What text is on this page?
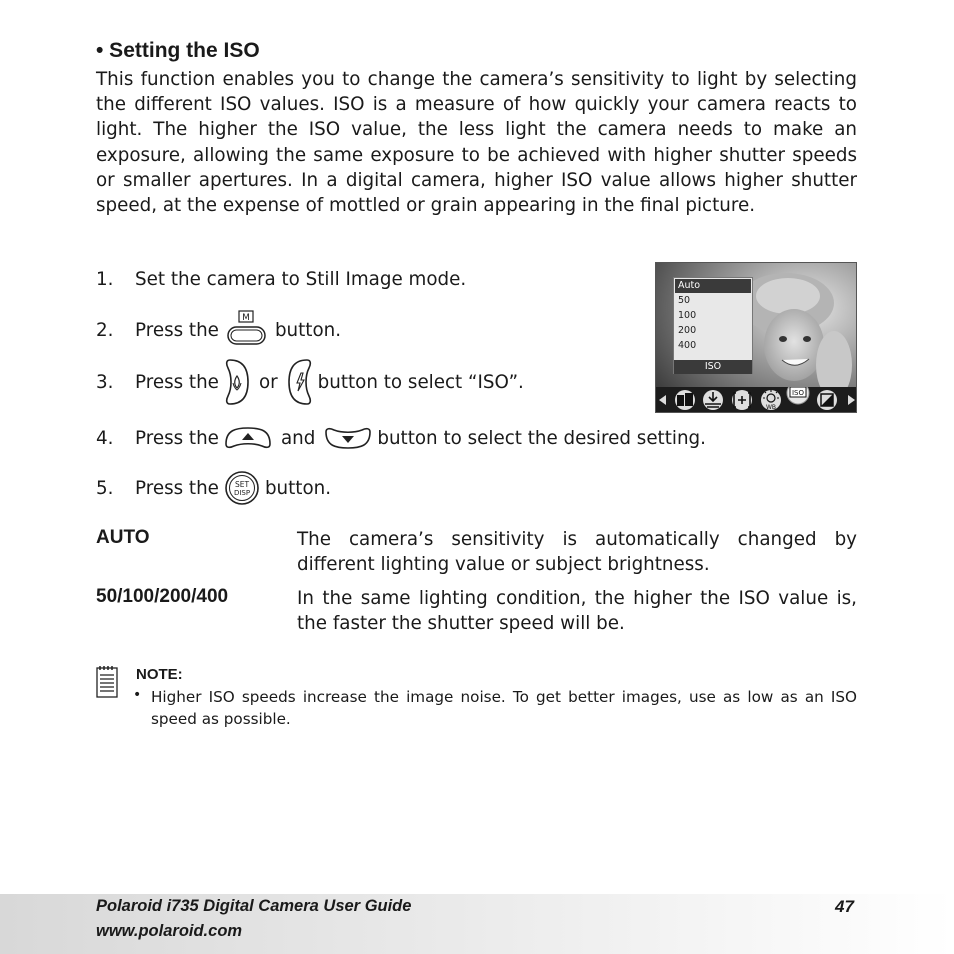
• Setting the ISO

This function enables you to change the camera’s sensitivity to light by selecting the different ISO values. ISO is a measure of how quickly your camera reacts to light. The higher the ISO value, the less light the camera needs to make an exposure, allowing the same exposure to be achieved with higher shutter speeds or smaller apertures. In a digital camera, higher ISO value allows higher shutter speed, at the expense of mottled or grain appearing in the final picture.

1.	Set the camera to Still Image mode.
2.	Press the
M
button.
3.	Press the or button to select “ISO”.
4.	Press the	and	button to select the desired setting.
5.	Press the SET
DISP button.
Auto
50
100
200
400
ISO
WB
ISO
AUTO	The camera’s sensitivity is automatically changed by different lighting value or subject brightness.
50/100/200/400	In the same lighting condition, the higher the ISO value is, the faster the shutter speed will be.
NOTE:
• Higher ISO speeds increase the image noise. To get better images, use as low as an ISO speed as possible.

Polaroid i735 Digital Camera User Guide
www.polaroid.com
47
